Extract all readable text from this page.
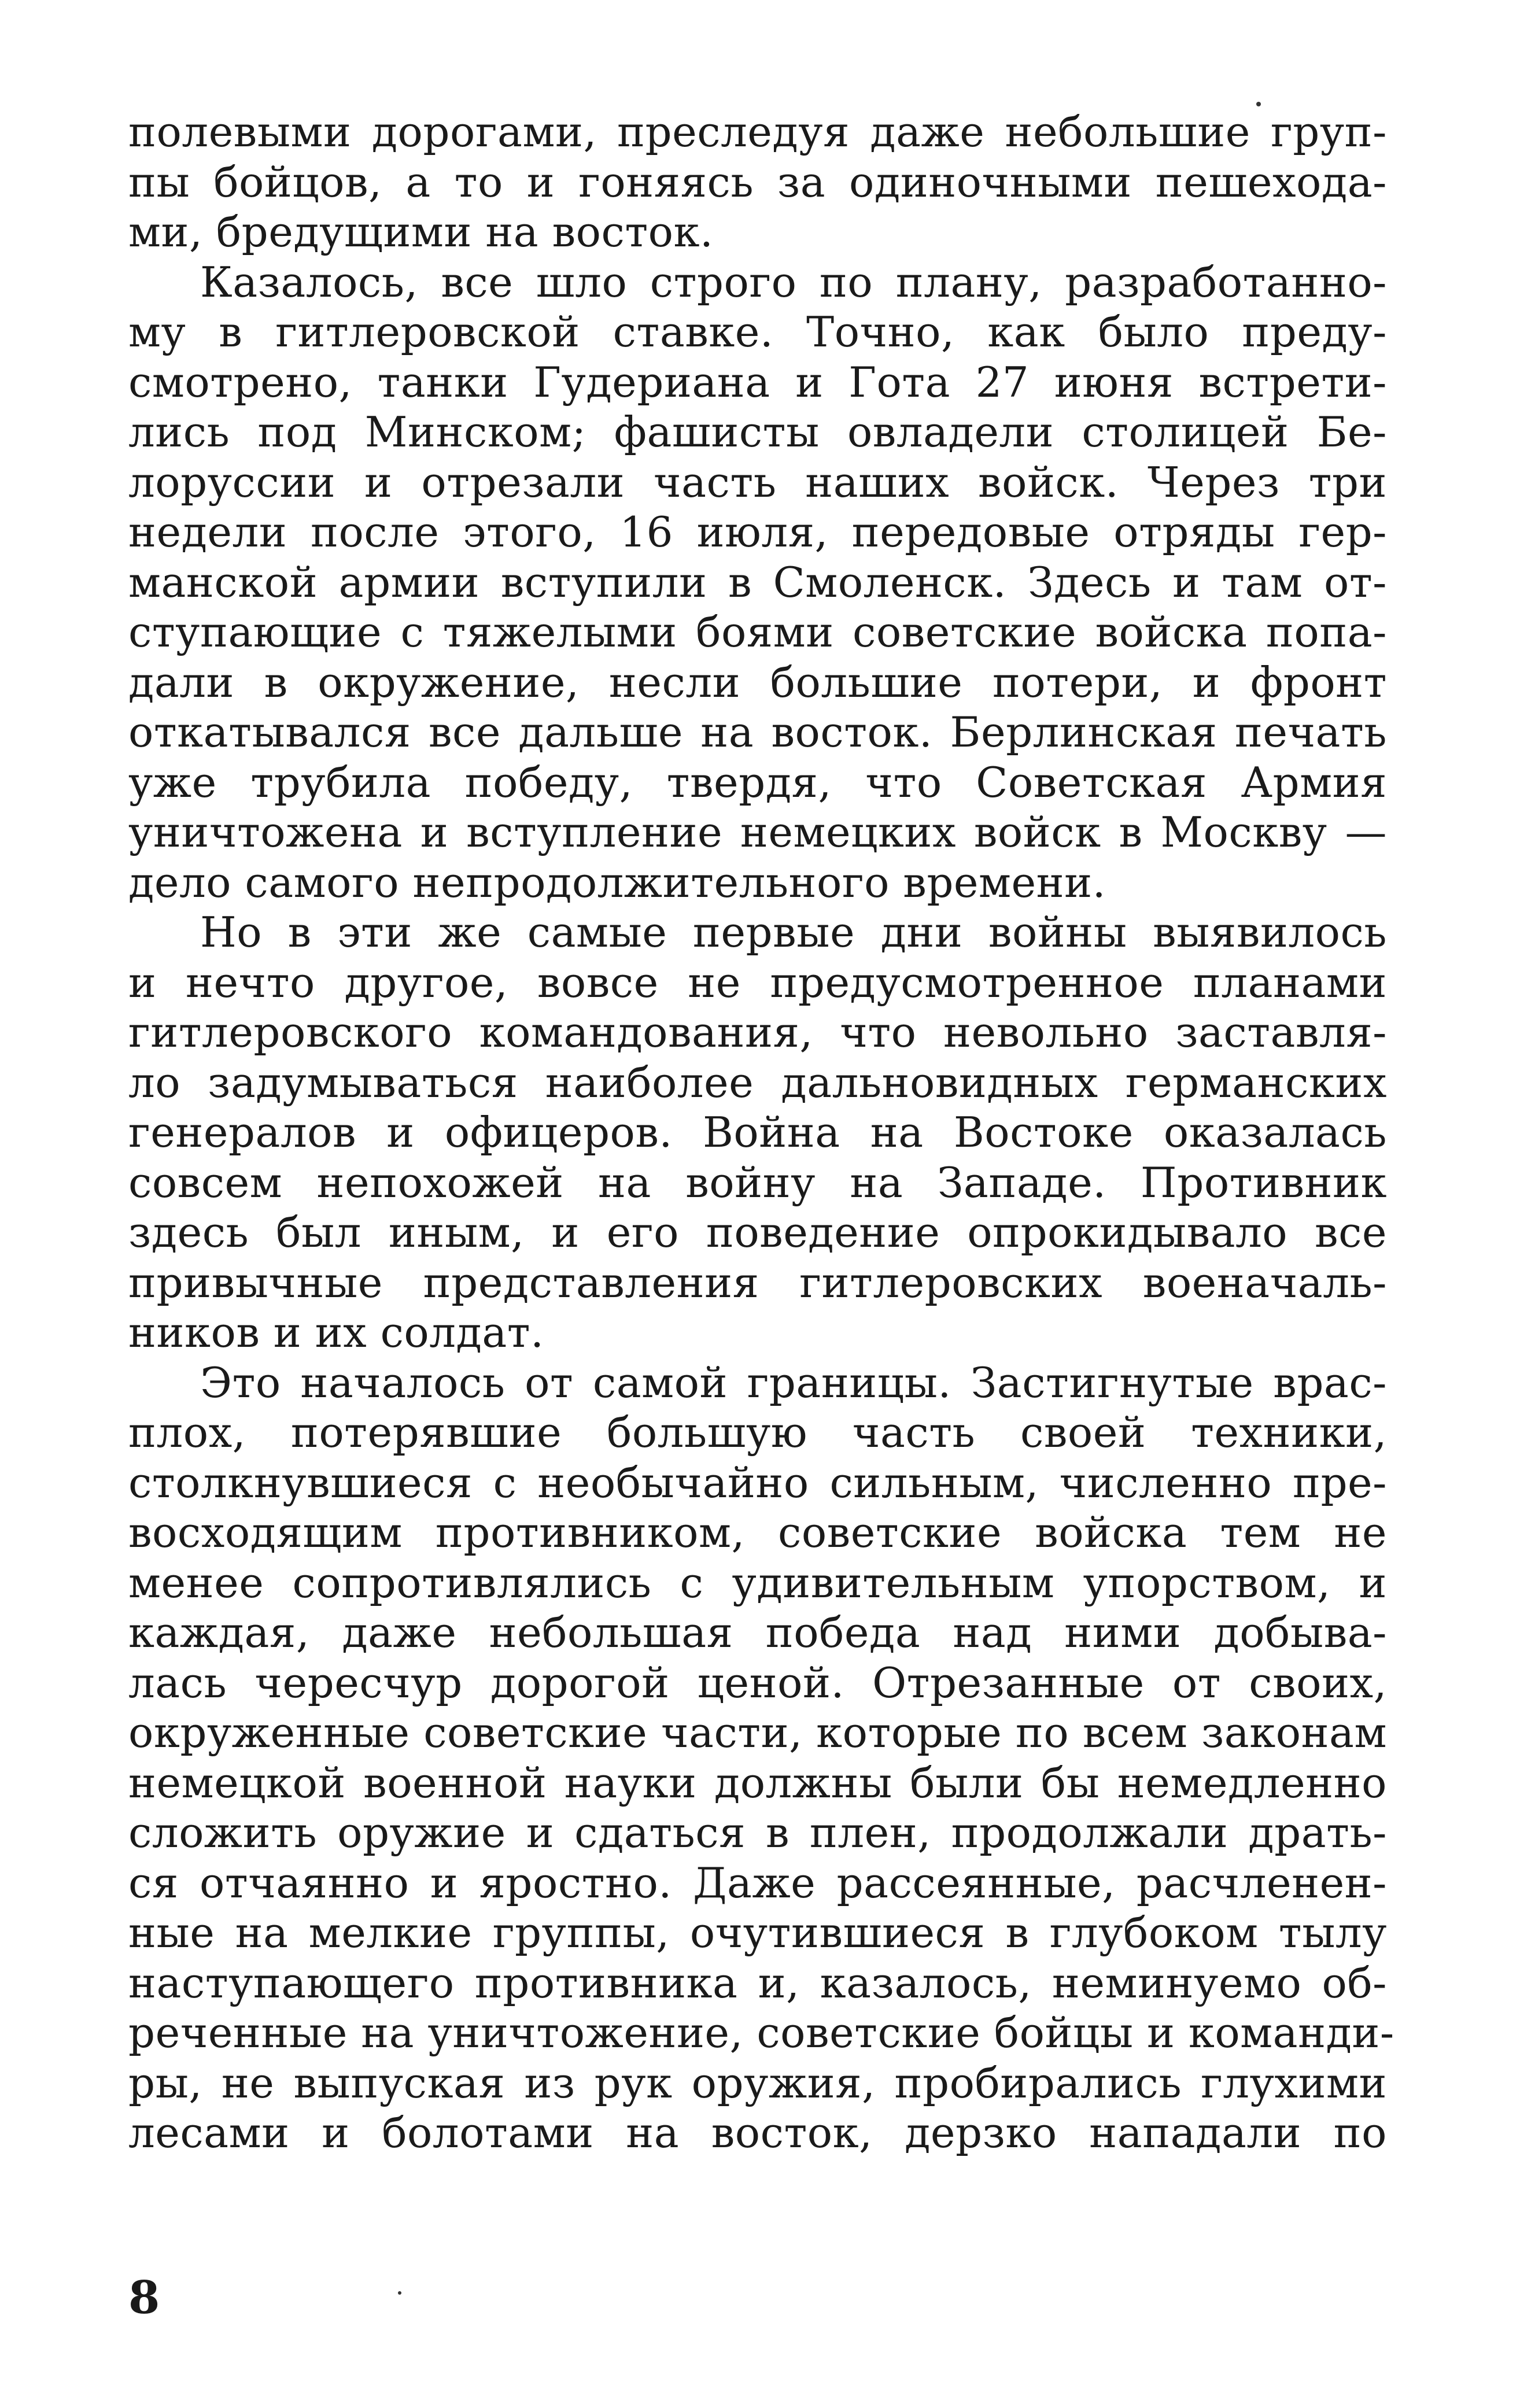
полевыми дорогами, преследуя даже небольшие груп-
пы бойцов, а то и гоняясь за одиночными пешехода-
ми, бредущими на восток.
Казалось, все шло строго по плану, разработанно-
му в гитлеровской ставке. Точно, как было преду-
смотрено, танки Гудериана и Гота 27 июня встрети-
лись под Минском; фашисты овладели столицей Бе-
лоруссии и отрезали часть наших войск. Через три
недели после этого, 16 июля, передовые отряды гер-
манской армии вступили в Смоленск. Здесь и там от-
ступающие с тяжелыми боями советские войска попа-
дали в окружение, несли большие потери, и фронт
откатывался все дальше на восток. Берлинская печать
уже трубила победу, твердя, что Советская Армия
уничтожена и вступление немецких войск в Москву —
дело самого непродолжительного времени.
Но в эти же самые первые дни войны выявилось
и нечто другое, вовсе не предусмотренное планами
гитлеровского командования, что невольно заставля-
ло задумываться наиболее дальновидных германских
генералов и офицеров. Война на Востоке оказалась
совсем непохожей на войну на Западе. Противник
здесь был иным, и его поведение опрокидывало все
привычные представления гитлеровских военачаль-
ников и их солдат.
Это началось от самой границы. Застигнутые врас-
плох, потерявшие большую часть своей техники,
столкнувшиеся с необычайно сильным, численно пре-
восходящим противником, советские войска тем не
менее сопротивлялись с удивительным упорством, и
каждая, даже небольшая победа над ними добыва-
лась чересчур дорогой ценой. Отрезанные от своих,
окруженные советские части, которые по всем законам
немецкой военной науки должны были бы немедленно
сложить оружие и сдаться в плен, продолжали драть-
ся отчаянно и яростно. Даже рассеянные, расчленен-
ные на мелкие группы, очутившиеся в глубоком тылу
наступающего противника и, казалось, неминуемо об-
реченные на уничтожение, советские бойцы и команди-
ры, не выпуская из рук оружия, пробирались глухими
лесами и болотами на восток, дерзко нападали по
8
